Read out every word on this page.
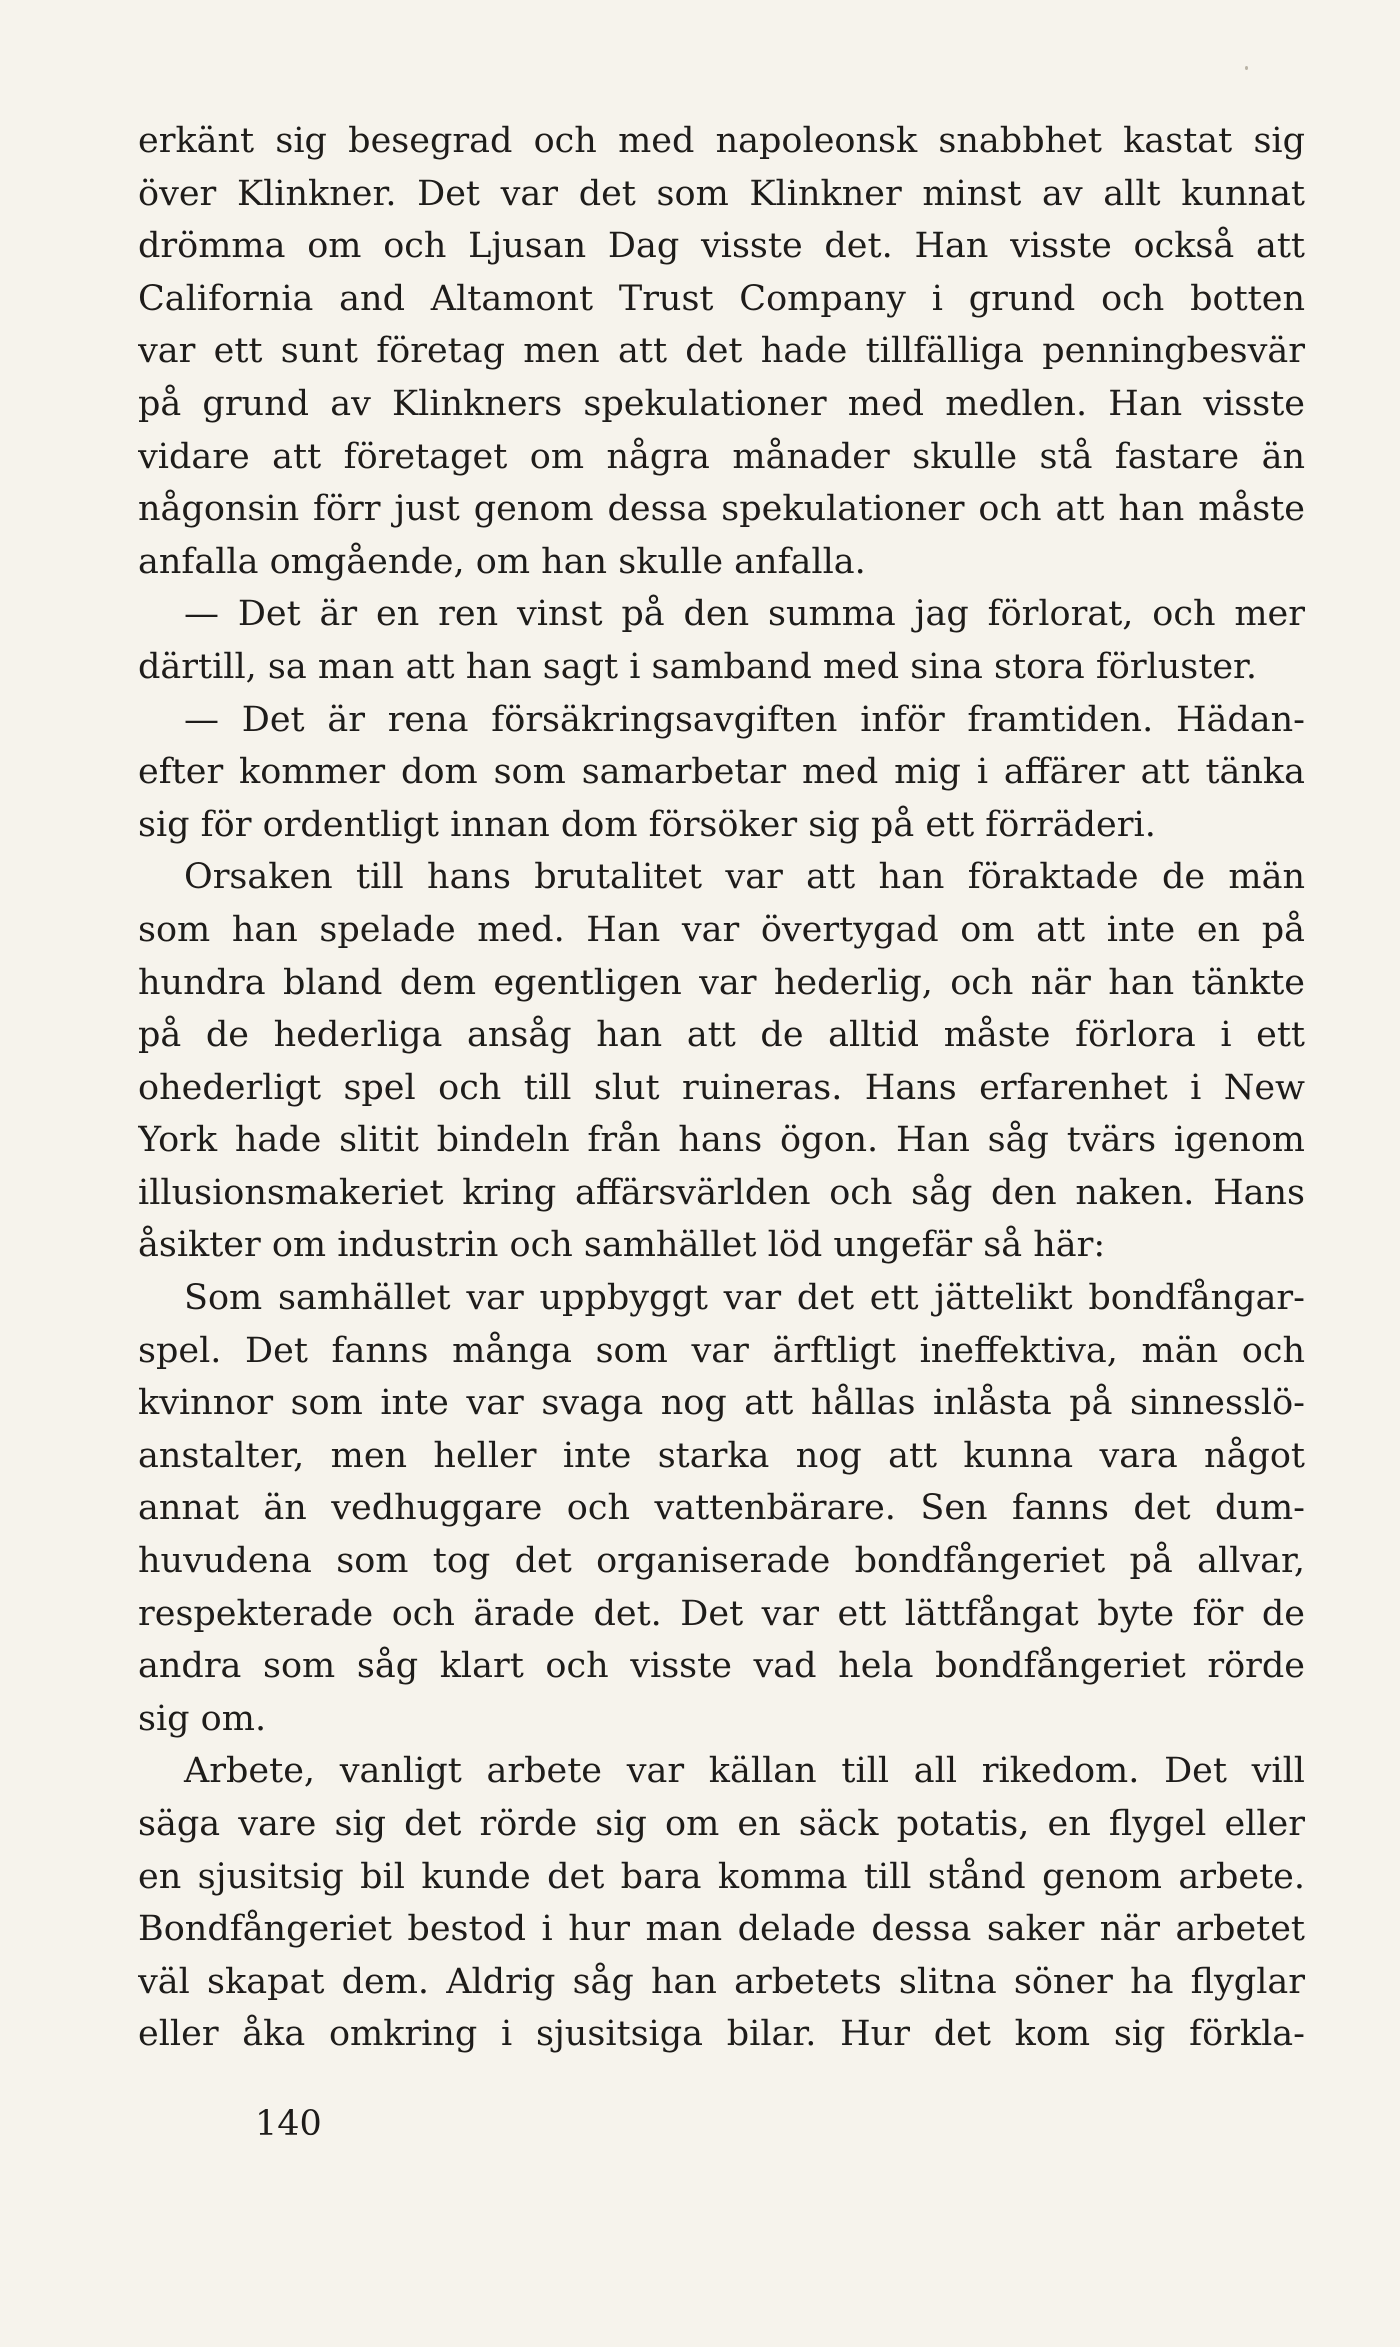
erkänt sig besegrad och med napoleonsk snabbhet kastat sig
över Klinkner. Det var det som Klinkner minst av allt kunnat
drömma om och Ljusan Dag visste det. Han visste också att
California and Altamont Trust Company i grund och botten
var ett sunt företag men att det hade tillfälliga penningbesvär
på grund av Klinkners spekulationer med medlen. Han visste
vidare att företaget om några månader skulle stå fastare än
någonsin förr just genom dessa spekulationer och att han måste
anfalla omgående, om han skulle anfalla.
— Det är en ren vinst på den summa jag förlorat, och mer
därtill, sa man att han sagt i samband med sina stora förluster.
— Det är rena försäkringsavgiften inför framtiden. Hädan-
efter kommer dom som samarbetar med mig i affärer att tänka
sig för ordentligt innan dom försöker sig på ett förräderi.
Orsaken till hans brutalitet var att han föraktade de män
som han spelade med. Han var övertygad om att inte en på
hundra bland dem egentligen var hederlig, och när han tänkte
på de hederliga ansåg han att de alltid måste förlora i ett
ohederligt spel och till slut ruineras. Hans erfarenhet i New
York hade slitit bindeln från hans ögon. Han såg tvärs igenom
illusionsmakeriet kring affärsvärlden och såg den naken. Hans
åsikter om industrin och samhället löd ungefär så här:
Som samhället var uppbyggt var det ett jättelikt bondfångar-
spel. Det fanns många som var ärftligt ineffektiva, män och
kvinnor som inte var svaga nog att hållas inlåsta på sinnesslö-
anstalter, men heller inte starka nog att kunna vara något
annat än vedhuggare och vattenbärare. Sen fanns det dum-
huvudena som tog det organiserade bondfångeriet på allvar,
respekterade och ärade det. Det var ett lättfångat byte för de
andra som såg klart och visste vad hela bondfångeriet rörde
sig om.
Arbete, vanligt arbete var källan till all rikedom. Det vill
säga vare sig det rörde sig om en säck potatis, en flygel eller
en sjusitsig bil kunde det bara komma till stånd genom arbete.
Bondfångeriet bestod i hur man delade dessa saker när arbetet
väl skapat dem. Aldrig såg han arbetets slitna söner ha flyglar
eller åka omkring i sjusitsiga bilar. Hur det kom sig förkla-
140
